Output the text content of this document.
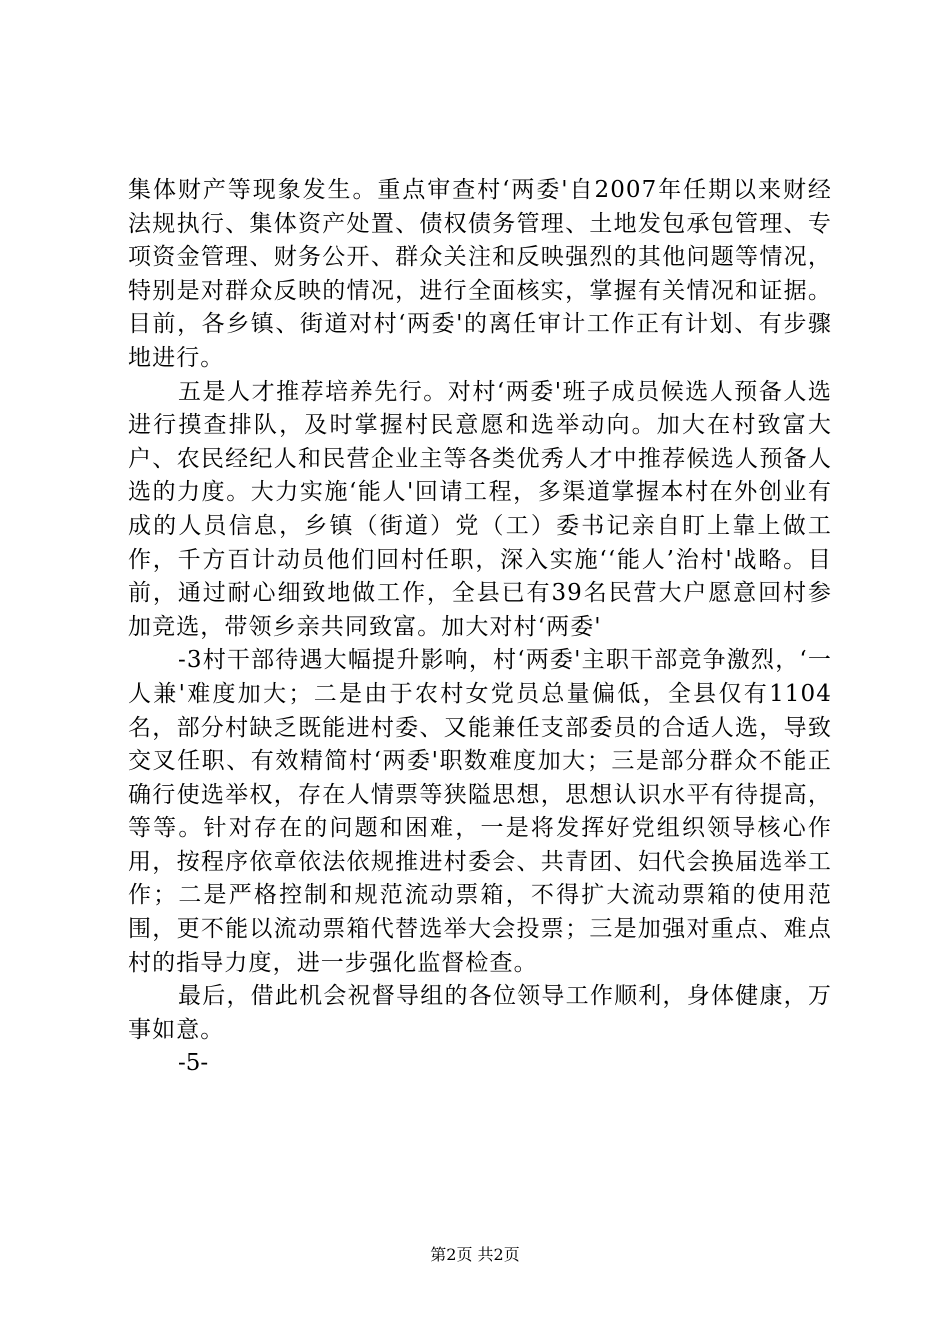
集体财产等现象发生。重点审查村‘两委'自2007年任期以来财经法规执行、集体资产处置、债权债务管理、土地发包承包管理、专项资金管理、财务公开、群众关注和反映强烈的其他问题等情况，特别是对群众反映的情况，进行全面核实，掌握有关情况和证据。目前，各乡镇、街道对村‘两委'的离任审计工作正有计划、有步骤地进行。

五是人才推荐培养先行。对村‘两委'班子成员候选人预备人选进行摸查排队，及时掌握村民意愿和选举动向。加大在村致富大户、农民经纪人和民营企业主等各类优秀人才中推荐候选人预备人选的力度。大力实施‘能人'回请工程，多渠道掌握本村在外创业有成的人员信息，乡镇（街道）党（工）委书记亲自盯上靠上做工作，千方百计动员他们回村任职，深入实施‘‘能人’治村'战略。目前，通过耐心细致地做工作，全县已有39名民营大户愿意回村参加竞选，带领乡亲共同致富。加大对村‘两委'

-3村干部待遇大幅提升影响，村‘两委'主职干部竞争激烈，‘一人兼'难度加大；二是由于农村女党员总量偏低，全县仅有1104名，部分村缺乏既能进村委、又能兼任支部委员的合适人选，导致交叉任职、有效精简村‘两委'职数难度加大；三是部分群众不能正确行使选举权，存在人情票等狭隘思想，思想认识水平有待提高，等等。针对存在的问题和困难，一是将发挥好党组织领导核心作用，按程序依章依法依规推进村委会、共青团、妇代会换届选举工作；二是严格控制和规范流动票箱，不得扩大流动票箱的使用范围，更不能以流动票箱代替选举大会投票；三是加强对重点、难点村的指导力度，进一步强化监督检查。

最后，借此机会祝督导组的各位领导工作顺利，身体健康，万事如意。

-5-

第2页 共2页
